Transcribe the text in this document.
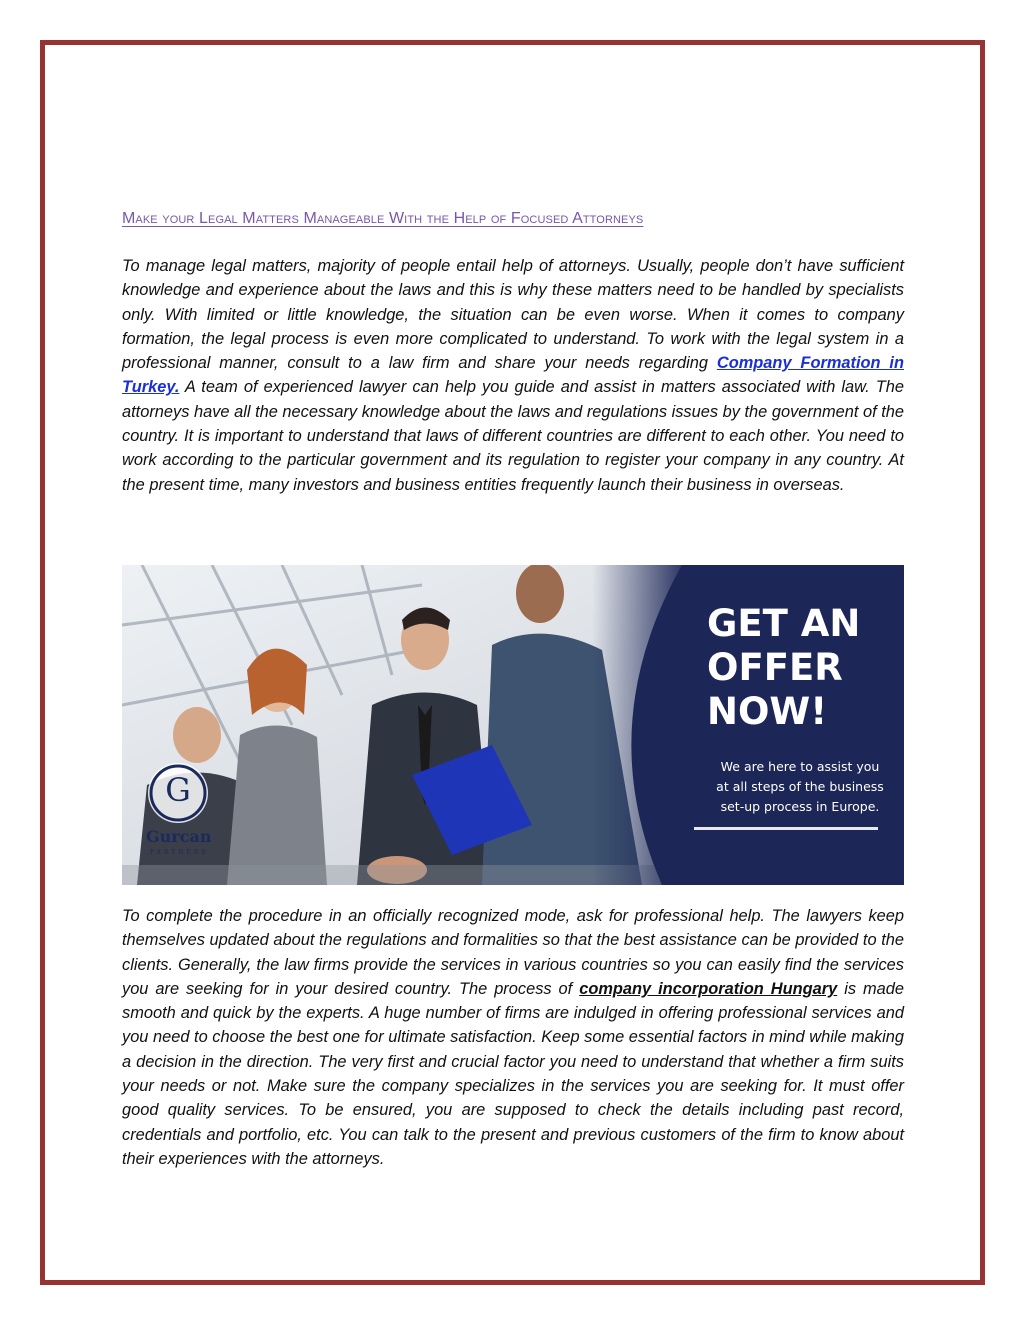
Make your Legal Matters Manageable With the Help of Focused Attorneys

To manage legal matters, majority of people entail help of attorneys. Usually, people don’t have sufficient knowledge and experience about the laws and this is why these matters need to be handled by specialists only. With limited or little knowledge, the situation can be even worse. When it comes to company formation, the legal process is even more complicated to understand. To work with the legal system in a professional manner, consult to a law firm and share your needs regarding Company Formation in Turkey. A team of experienced lawyer can help you guide and assist in matters associated with law. The attorneys have all the necessary knowledge about the laws and regulations issues by the government of the country. It is important to understand that laws of different countries are different to each other. You need to work according to the particular government and its regulation to register your company in any country. At the present time, many investors and business entities frequently launch their business in overseas.

G

Gurcan

PARTNERS

GET AN
OFFER
NOW!

We are here to assist you
at all steps of the business
set-up process in Europe.

To complete the procedure in an officially recognized mode, ask for professional help. The lawyers keep themselves updated about the regulations and formalities so that the best assistance can be provided to the clients. Generally, the law firms provide the services in various countries so you can easily find the services you are seeking for in your desired country. The process of company incorporation Hungary is made smooth and quick by the experts. A huge number of firms are indulged in offering professional services and you need to choose the best one for ultimate satisfaction. Keep some essential factors in mind while making a decision in the direction. The very first and crucial factor you need to understand that whether a firm suits your needs or not. Make sure the company specializes in the services you are seeking for. It must offer good quality services. To be ensured, you are supposed to check the details including past record, credentials and portfolio, etc. You can talk to the present and previous customers of the firm to know about their experiences with the attorneys.
